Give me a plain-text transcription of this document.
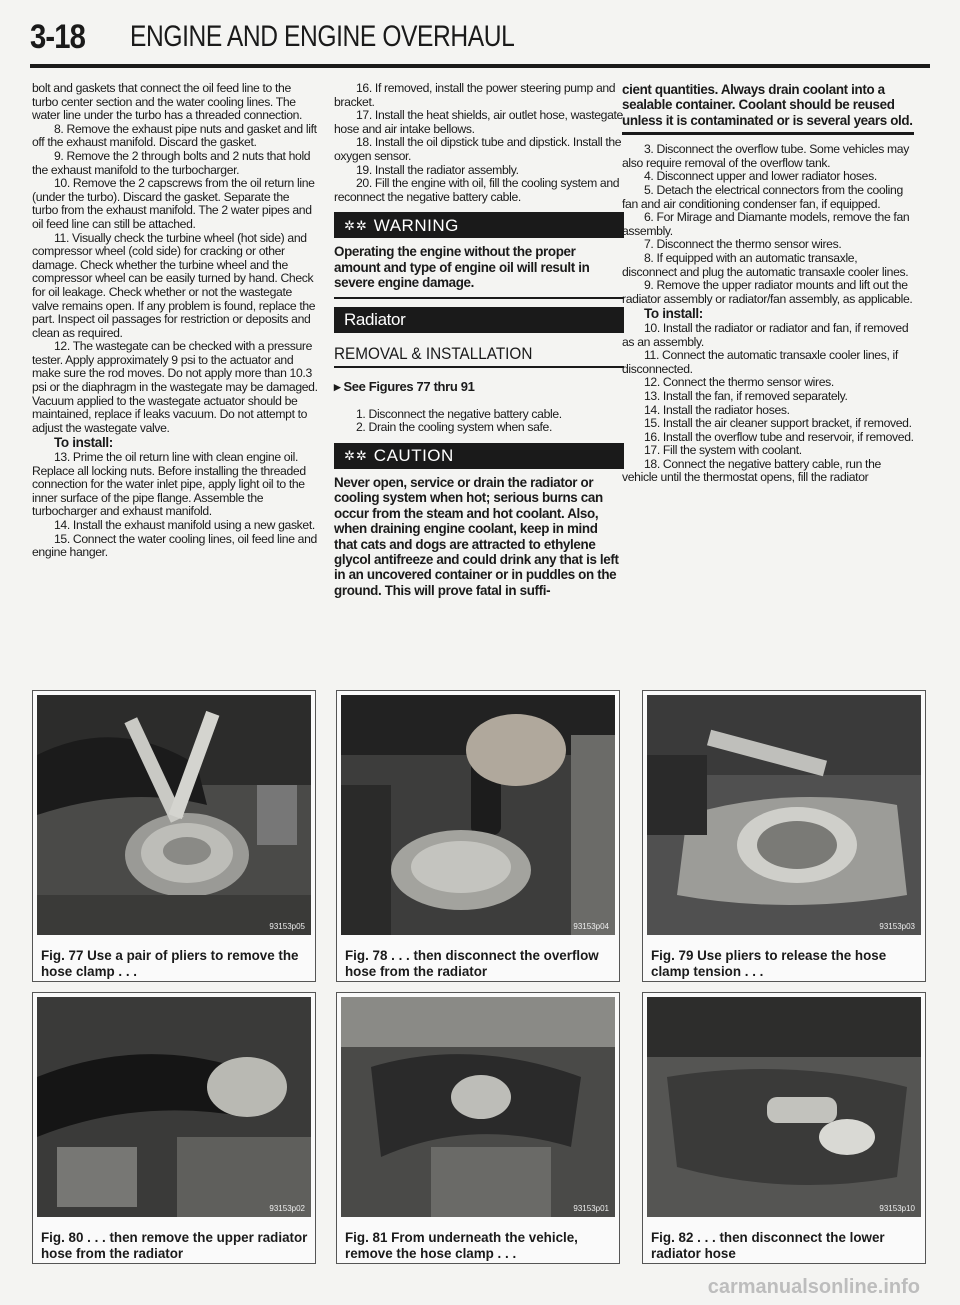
3-18 ENGINE AND ENGINE OVERHAUL

bolt and gaskets that connect the oil feed line to the turbo center section and the water cooling lines. The water line under the turbo has a threaded connection.

8. Remove the exhaust pipe nuts and gasket and lift off the exhaust manifold. Discard the gasket.

9. Remove the 2 through bolts and 2 nuts that hold the exhaust manifold to the turbocharger.

10. Remove the 2 capscrews from the oil return line (under the turbo). Discard the gasket. Separate the turbo from the exhaust manifold. The 2 water pipes and oil feed line can still be attached.

11. Visually check the turbine wheel (hot side) and compressor wheel (cold side) for cracking or other damage. Check whether the turbine wheel and the compressor wheel can be easily turned by hand. Check for oil leakage. Check whether or not the wastegate valve remains open. If any problem is found, replace the part. Inspect oil passages for restriction or deposits and clean as required.

12. The wastegate can be checked with a pressure tester. Apply approximately 9 psi to the actuator and make sure the rod moves. Do not apply more than 10.3 psi or the diaphragm in the wastegate may be damaged. Vacuum applied to the wastegate actuator should be maintained, replace if leaks vacuum. Do not attempt to adjust the wastegate valve.

To install:

13. Prime the oil return line with clean engine oil. Replace all locking nuts. Before installing the threaded connection for the water inlet pipe, apply light oil to the inner surface of the pipe flange. Assemble the turbocharger and exhaust manifold.

14. Install the exhaust manifold using a new gasket.

15. Connect the water cooling lines, oil feed line and engine hanger.

16. If removed, install the power steering pump and bracket.

17. Install the heat shields, air outlet hose, wastegate hose and air intake bellows.

18. Install the oil dipstick tube and dipstick. Install the oxygen sensor.

19. Install the radiator assembly.

20. Fill the engine with oil, fill the cooling system and reconnect the negative battery cable.

✲✲ WARNING
Operating the engine without the proper amount and type of engine oil will result in severe engine damage.
Radiator
REMOVAL & INSTALLATION
▸ See Figures 77 thru 91

1. Disconnect the negative battery cable.

2. Drain the cooling system when safe.

✲✲ CAUTION
Never open, service or drain the radiator or cooling system when hot; serious burns can occur from the steam and hot coolant. Also, when draining engine coolant, keep in mind that cats and dogs are attracted to ethylene glycol antifreeze and could drink any that is left in an uncovered container or in puddles on the ground. This will prove fatal in suffi-
cient quantities. Always drain coolant into a sealable container. Coolant should be reused unless it is contaminated or is several years old.

3. Disconnect the overflow tube. Some vehicles may also require removal of the overflow tank.

4. Disconnect upper and lower radiator hoses.

5. Detach the electrical connectors from the cooling fan and air conditioning condenser fan, if equipped.

6. For Mirage and Diamante models, remove the fan assembly.

7. Disconnect the thermo sensor wires.

8. If equipped with an automatic transaxle, disconnect and plug the automatic transaxle cooler lines.

9. Remove the upper radiator mounts and lift out the radiator assembly or radiator/fan assembly, as applicable.

To install:

10. Install the radiator or radiator and fan, if removed as an assembly.

11. Connect the automatic transaxle cooler lines, if disconnected.

12. Connect the thermo sensor wires.

13. Install the fan, if removed separately.

14. Install the radiator hoses.

15. Install the air cleaner support bracket, if removed.

16. Install the overflow tube and reservoir, if removed.

17. Fill the system with coolant.

18. Connect the negative battery cable, run the vehicle until the thermostat opens, fill the radiator

93153p05
Fig. 77 Use a pair of pliers to remove the hose clamp . . .
93153p04
Fig. 78 . . . then disconnect the overflow hose from the radiator
93153p03
Fig. 79 Use pliers to release the hose clamp tension . . .
93153p02
Fig. 80 . . . then remove the upper radiator hose from the radiator
93153p01
Fig. 81 From underneath the vehicle, remove the hose clamp . . .
93153p10
Fig. 82 . . . then disconnect the lower radiator hose
carmanualsonline.info
